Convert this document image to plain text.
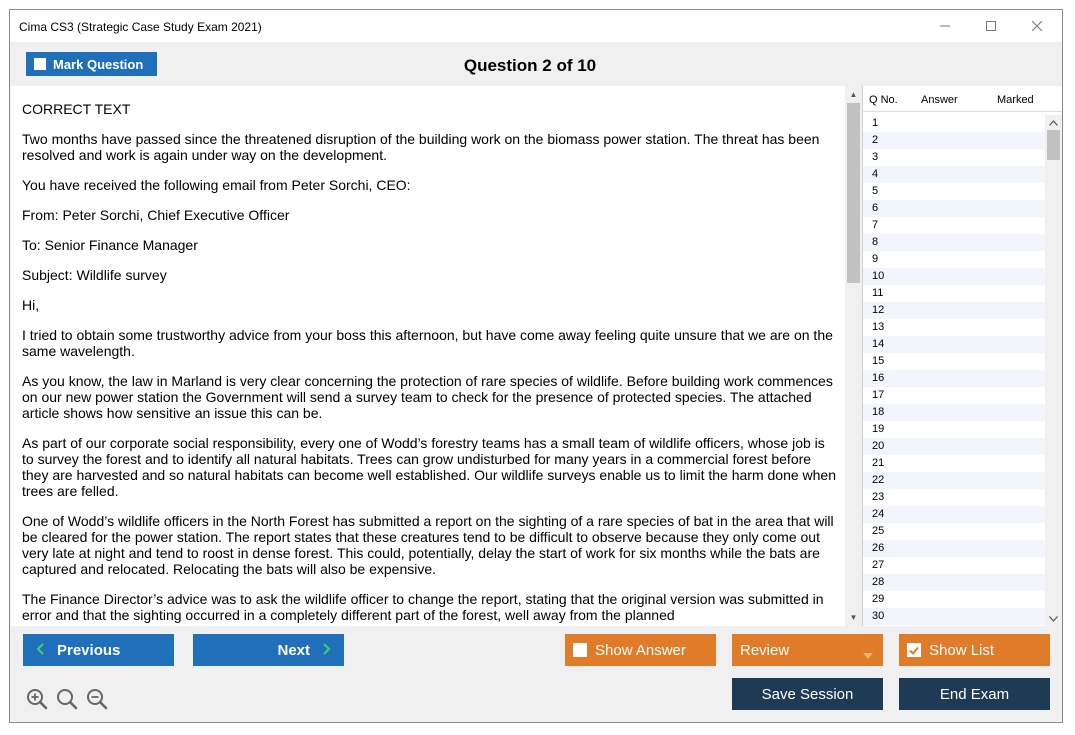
Cima CS3 (Strategic Case Study Exam 2021)
Mark Question	Question 2 of 10

CORRECT TEXT

Two months have passed since the threatened disruption of the building work on the biomass power station. The threat has been resolved and work is again under way on the development.

You have received the following email from Peter Sorchi, CEO:

From: Peter Sorchi, Chief Executive Officer

To: Senior Finance Manager

Subject: Wildlife survey

Hi,

I tried to obtain some trustworthy advice from your boss this afternoon, but have come away feeling quite unsure that we are on the same wavelength.

As you know, the law in Marland is very clear concerning the protection of rare species of wildlife. Before building work commences on our new power station the Government will send a survey team to check for the presence of protected species. The attached article shows how sensitive an issue this can be.

As part of our corporate social responsibility, every one of Wodd’s forestry teams has a small team of wildlife officers, whose job is to survey the forest and to identify all natural habitats. Trees can grow undisturbed for many years in a commercial forest before they are harvested and so natural habitats can become well established. Our wildlife surveys enable us to limit the harm done when trees are felled.

One of Wodd’s wildlife officers in the North Forest has submitted a report on the sighting of a rare species of bat in the area that will be cleared for the power station. The report states that these creatures tend to be difficult to observe because they only come out very late at night and tend to roost in dense forest. This could, potentially, delay the start of work for six months while the bats are captured and relocated. Relocating the bats will also be expensive.

The Finance Director’s advice was to ask the wildlife officer to change the report, stating that the original version was submitted in error and that the sighting occurred in a completely different part of the forest, well away from the planned

▲
▼
Q No. Answer	Marked
1
2
3
4
5
6
7
8
9
10
11
12
13
14
15
16
17
18
19
20
21
22
23
24
25
26
27
28
29
30
Previous	Next	Show Answer	Review	Show List
Save Session	End Exam
